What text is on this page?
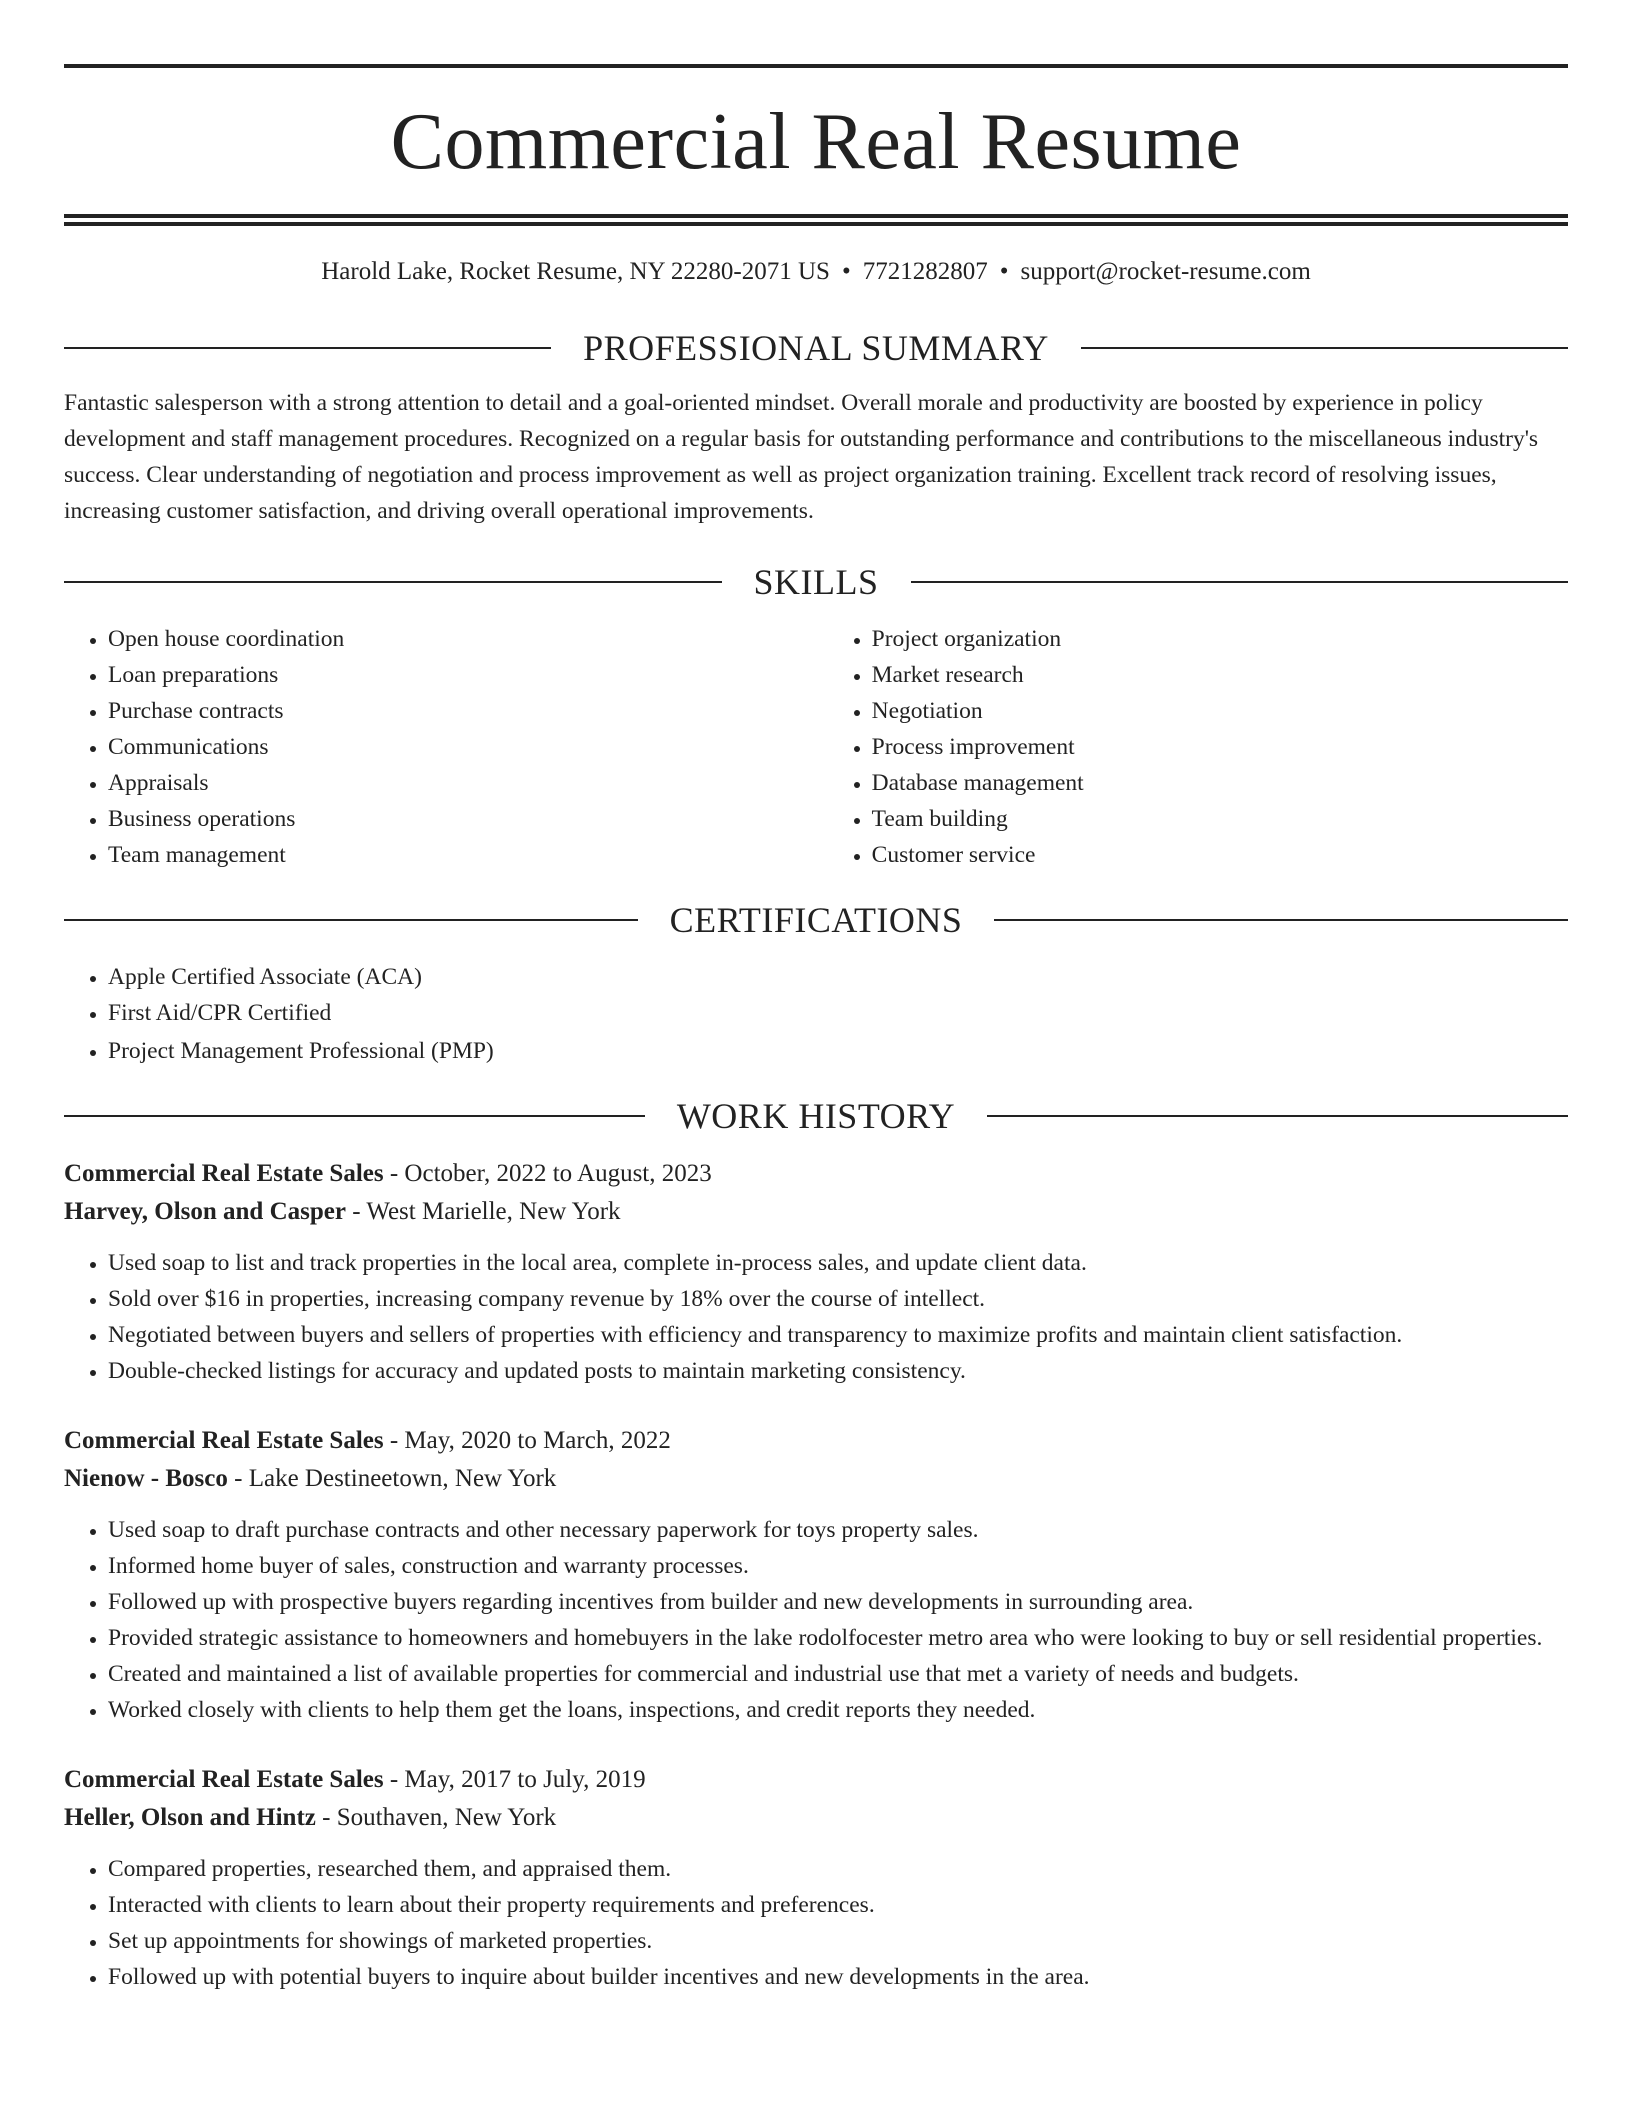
Commercial Real Resume
Harold Lake, Rocket Resume, NY 22280-2071 US • 7721282807 • support@rocket-resume.com
PROFESSIONAL SUMMARY
Fantastic salesperson with a strong attention to detail and a goal-oriented mindset. Overall morale and productivity are boosted by experience in policy development and staff management procedures. Recognized on a regular basis for outstanding performance and contributions to the miscellaneous industry's success. Clear understanding of negotiation and process improvement as well as project organization training. Excellent track record of resolving issues, increasing customer satisfaction, and driving overall operational improvements.
SKILLS
• Open house coordination
• Loan preparations
• Purchase contracts
• Communications
• Appraisals
• Business operations
• Team management
• Project organization
• Market research
• Negotiation
• Process improvement
• Database management
• Team building
• Customer service
CERTIFICATIONS
• Apple Certified Associate (ACA)
• First Aid/CPR Certified
• Project Management Professional (PMP)
WORK HISTORY
Commercial Real Estate Sales - October, 2022 to August, 2023
Harvey, Olson and Casper - West Marielle, New York
• Used soap to list and track properties in the local area, complete in-process sales, and update client data.
• Sold over $16 in properties, increasing company revenue by 18% over the course of intellect.
• Negotiated between buyers and sellers of properties with efficiency and transparency to maximize profits and maintain client satisfaction.
• Double-checked listings for accuracy and updated posts to maintain marketing consistency.
Commercial Real Estate Sales - May, 2020 to March, 2022
Nienow - Bosco - Lake Destineetown, New York
• Used soap to draft purchase contracts and other necessary paperwork for toys property sales.
• Informed home buyer of sales, construction and warranty processes.
• Followed up with prospective buyers regarding incentives from builder and new developments in surrounding area.
• Provided strategic assistance to homeowners and homebuyers in the lake rodolfocester metro area who were looking to buy or sell residential properties.
• Created and maintained a list of available properties for commercial and industrial use that met a variety of needs and budgets.
• Worked closely with clients to help them get the loans, inspections, and credit reports they needed.
Commercial Real Estate Sales - May, 2017 to July, 2019
Heller, Olson and Hintz - Southaven, New York
• Compared properties, researched them, and appraised them.
• Interacted with clients to learn about their property requirements and preferences.
• Set up appointments for showings of marketed properties.
• Followed up with potential buyers to inquire about builder incentives and new developments in the area.
